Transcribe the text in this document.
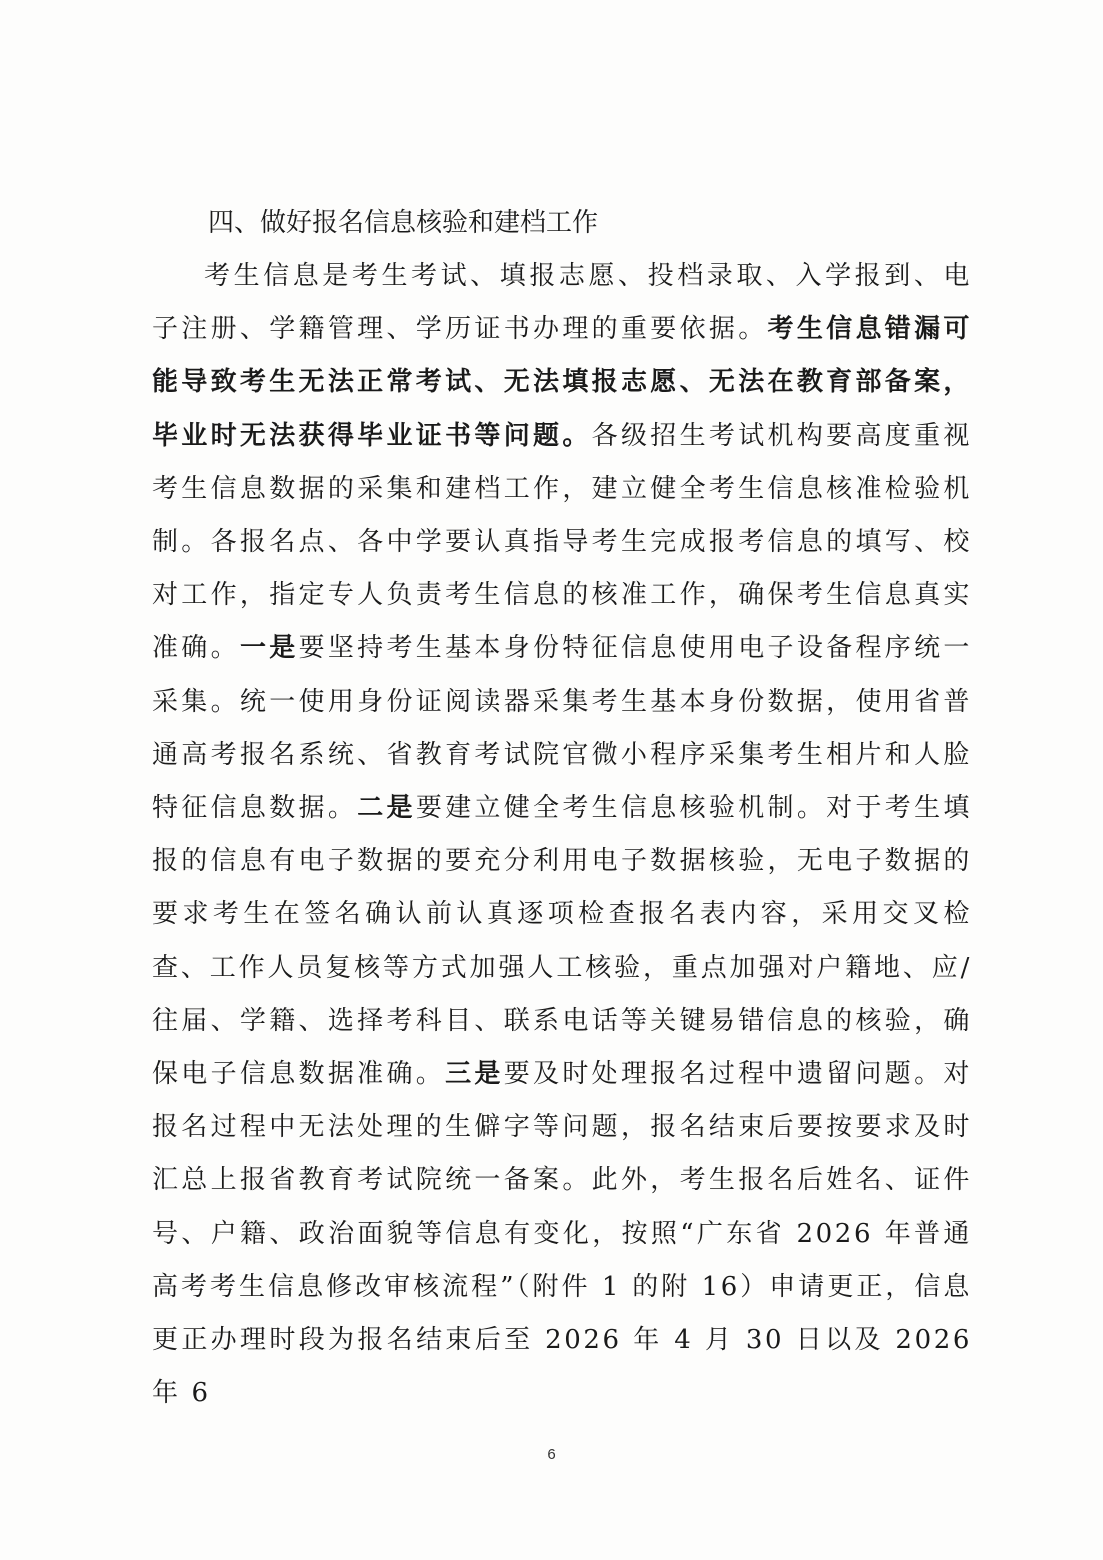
四、做好报名信息核验和建档工作

考生信息是考生考试、填报志愿、投档录取、入学报到、电子注册、学籍管理、学历证书办理的重要依据。考生信息错漏可能导致考生无法正常考试、无法填报志愿、无法在教育部备案，毕业时无法获得毕业证书等问题。各级招生考试机构要高度重视考生信息数据的采集和建档工作，建立健全考生信息核准检验机制。各报名点、各中学要认真指导考生完成报考信息的填写、校对工作，指定专人负责考生信息的核准工作，确保考生信息真实准确。一是要坚持考生基本身份特征信息使用电子设备程序统一采集。统一使用身份证阅读器采集考生基本身份数据，使用省普通高考报名系统、省教育考试院官微小程序采集考生相片和人脸特征信息数据。二是要建立健全考生信息核验机制。对于考生填报的信息有电子数据的要充分利用电子数据核验，无电子数据的要求考生在签名确认前认真逐项检查报名表内容，采用交叉检查、工作人员复核等方式加强人工核验，重点加强对户籍地、应/往届、学籍、选择考科目、联系电话等关键易错信息的核验，确保电子信息数据准确。三是要及时处理报名过程中遗留问题。对报名过程中无法处理的生僻字等问题，报名结束后要按要求及时汇总上报省教育考试院统一备案。此外，考生报名后姓名、证件号、户籍、政治面貌等信息有变化，按照“广东省 2026 年普通高考考生信息修改审核流程”（附件 1 的附 16）申请更正，信息更正办理时段为报名结束后至 2026 年 4 月 30 日以及 2026 年 6

6
